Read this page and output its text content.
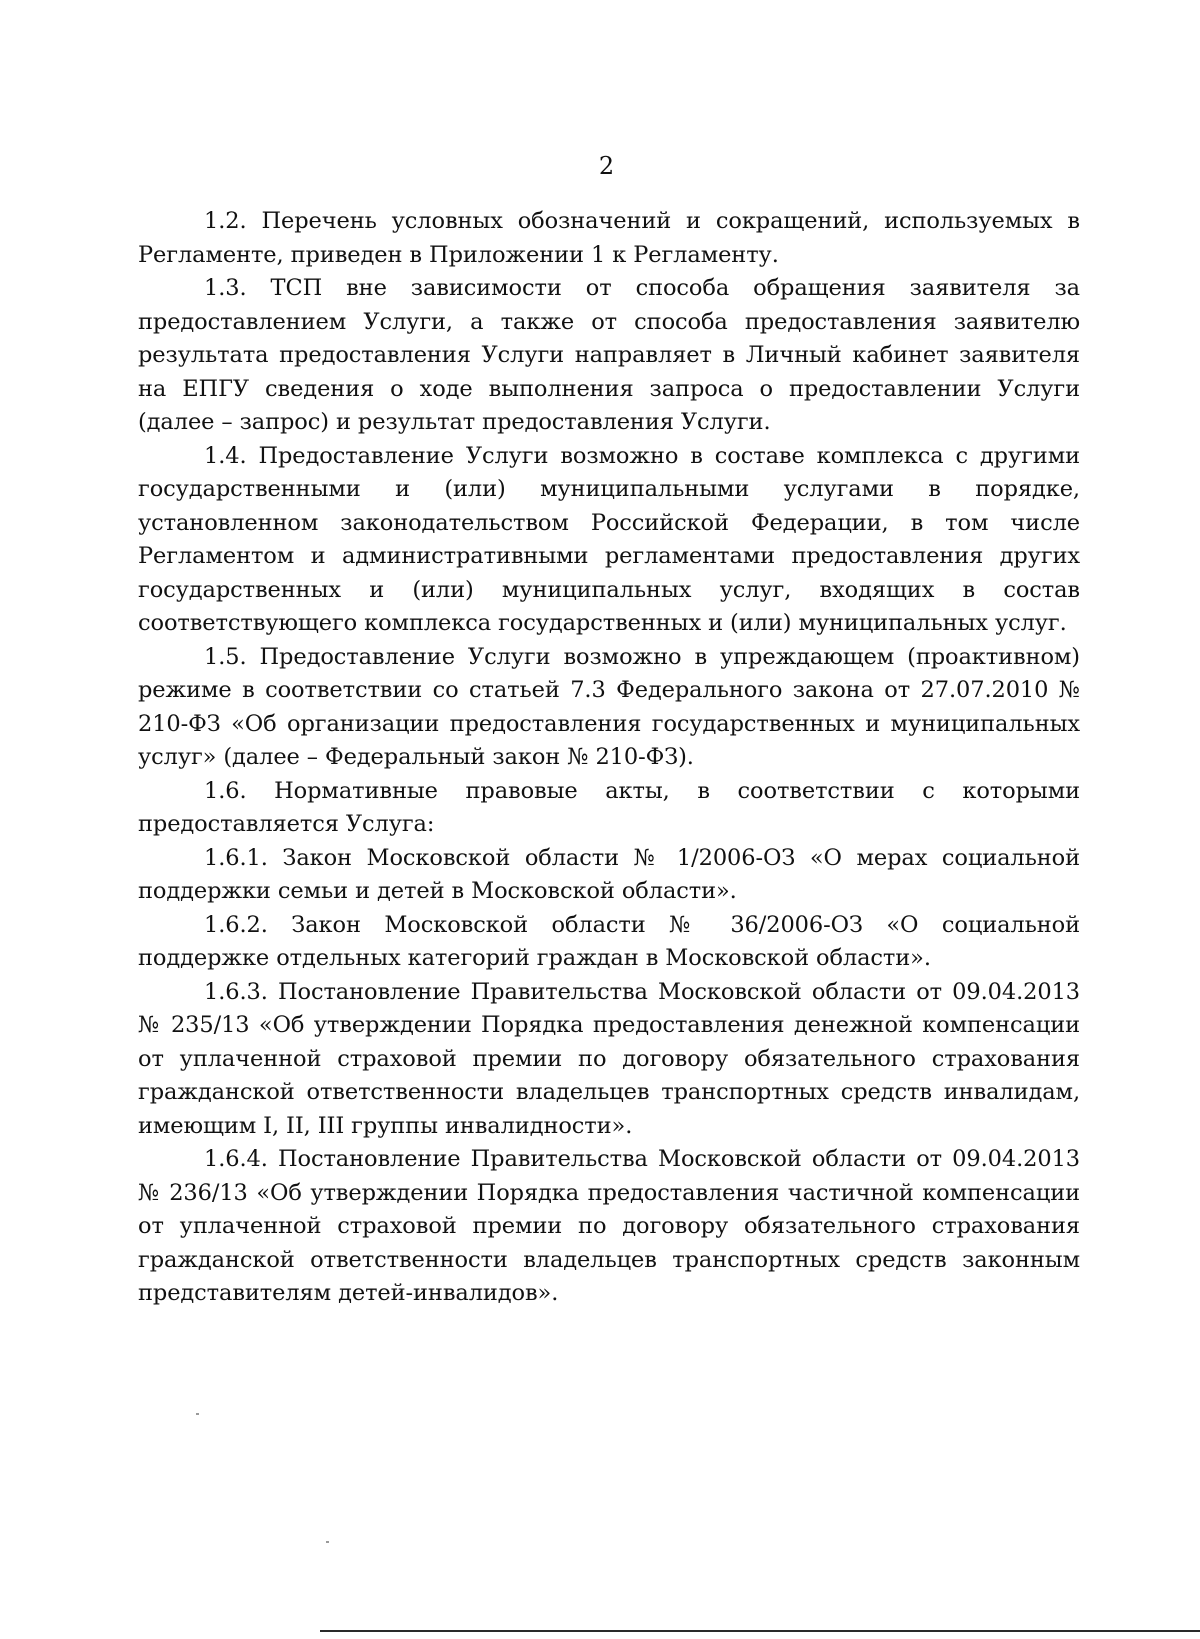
2

1.2. Перечень условных обозначений и сокращений, используемых в Регламенте, приведен в Приложении 1 к Регламенту.

1.3. ТСП вне зависимости от способа обращения заявителя за предоставлением Услуги, а также от способа предоставления заявителю результата предоставления Услуги направляет в Личный кабинет заявителя на ЕПГУ сведения о ходе выполнения запроса о предоставлении Услуги (далее – запрос) и результат предоставления Услуги.

1.4. Предоставление Услуги возможно в составе комплекса с другими государственными и (или) муниципальными услугами в порядке, установленном законодательством Российской Федерации, в том числе Регламентом и административными регламентами предоставления других государственных и (или) муниципальных услуг, входящих в состав соответствующего комплекса государственных и (или) муниципальных услуг.

1.5. Предоставление Услуги возможно в упреждающем (проактивном) режиме в соответствии со статьей 7.3 Федерального закона от 27.07.2010 № 210-ФЗ «Об организации предоставления государственных и муниципальных услуг» (далее – Федеральный закон № 210-ФЗ).

1.6. Нормативные правовые акты, в соответствии с которыми предоставляется Услуга:

1.6.1. Закон Московской области № 1/2006-ОЗ «О мерах социальной поддержки семьи и детей в Московской области».

1.6.2. Закон Московской области № 36/2006-ОЗ «О социальной поддержке отдельных категорий граждан в Московской области».

1.6.3. Постановление Правительства Московской области от 09.04.2013 № 235/13 «Об утверждении Порядка предоставления денежной компенсации от уплаченной страховой премии по договору обязательного страхования гражданской ответственности владельцев транспортных средств инвалидам, имеющим I, II, III группы инвалидности».

1.6.4. Постановление Правительства Московской области от 09.04.2013 № 236/13 «Об утверждении Порядка предоставления частичной компенсации от уплаченной страховой премии по договору обязательного страхования гражданской ответственности владельцев транспортных средств законным представителям детей-инвалидов».
